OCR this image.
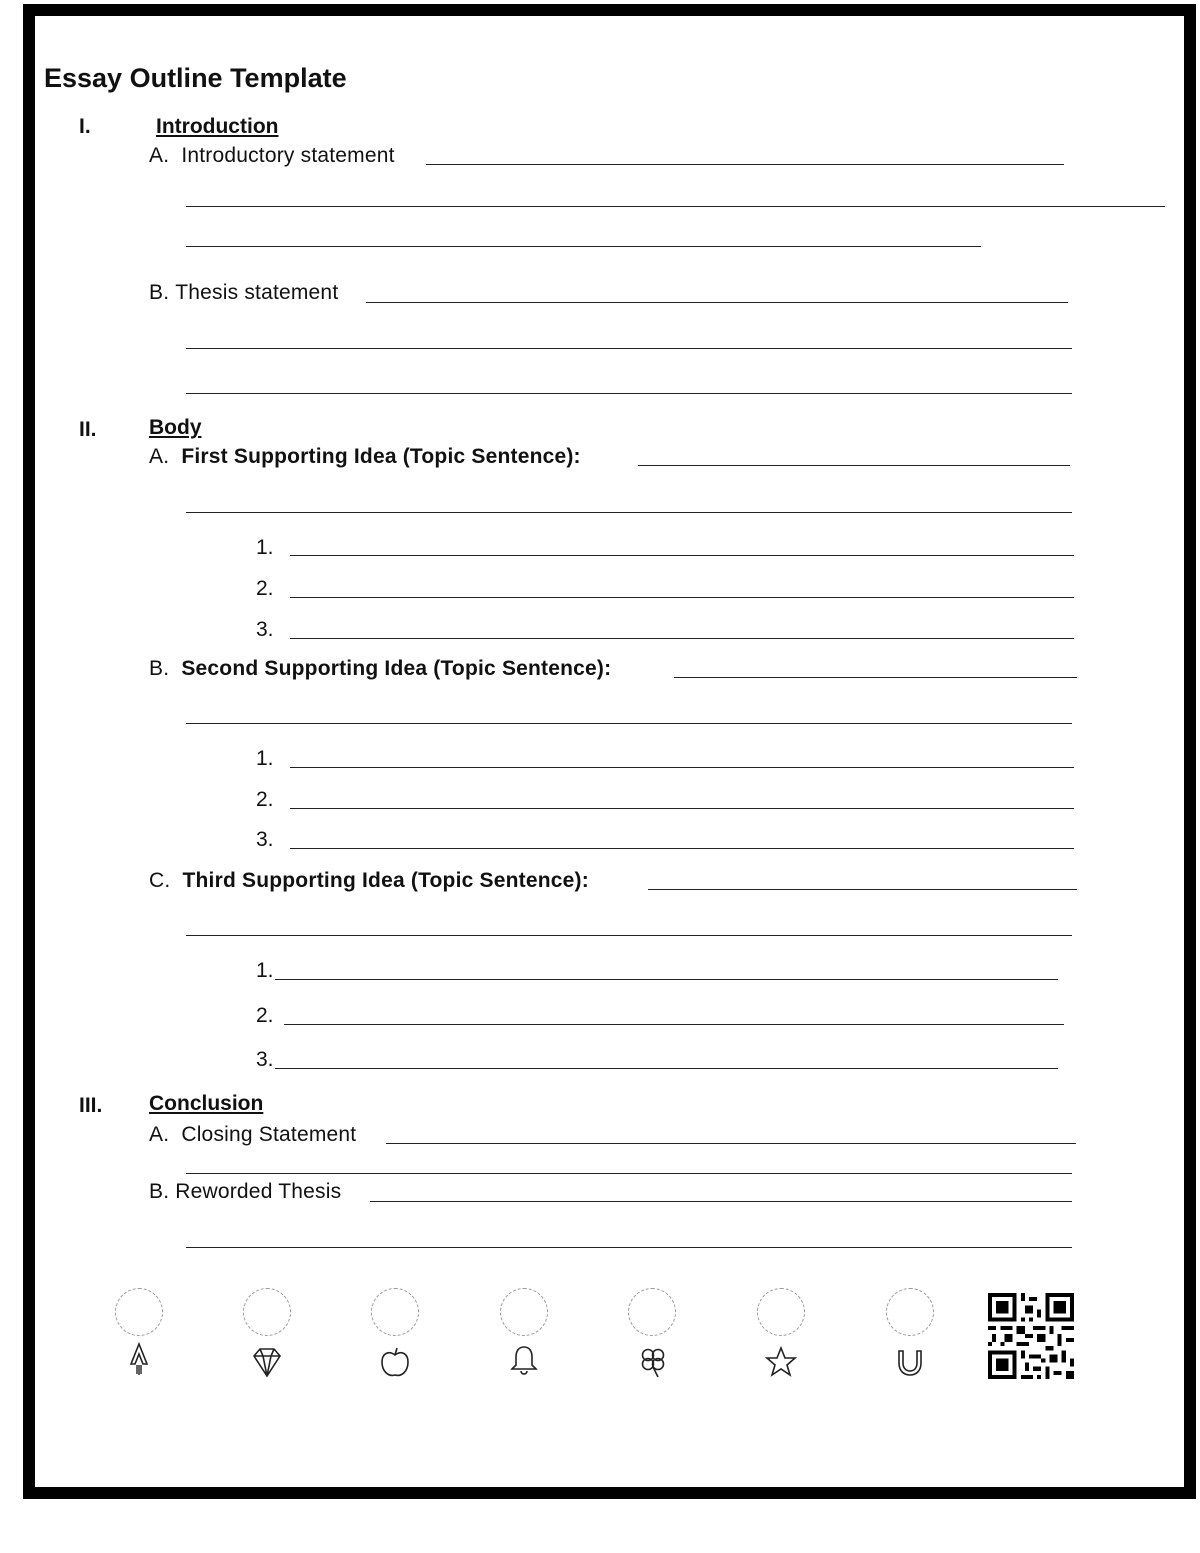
Essay Outline Template
I.	Introduction
A. Introductory statement
B. Thesis statement
II. Body
A. First Supporting Idea (Topic Sentence):
1.
2.
3.
B. Second Supporting Idea (Topic Sentence):
1.
2.
3.
C. Third Supporting Idea (Topic Sentence):
1.
2.
3.
III. Conclusion
A. Closing Statement
B. Reworded Thesis
